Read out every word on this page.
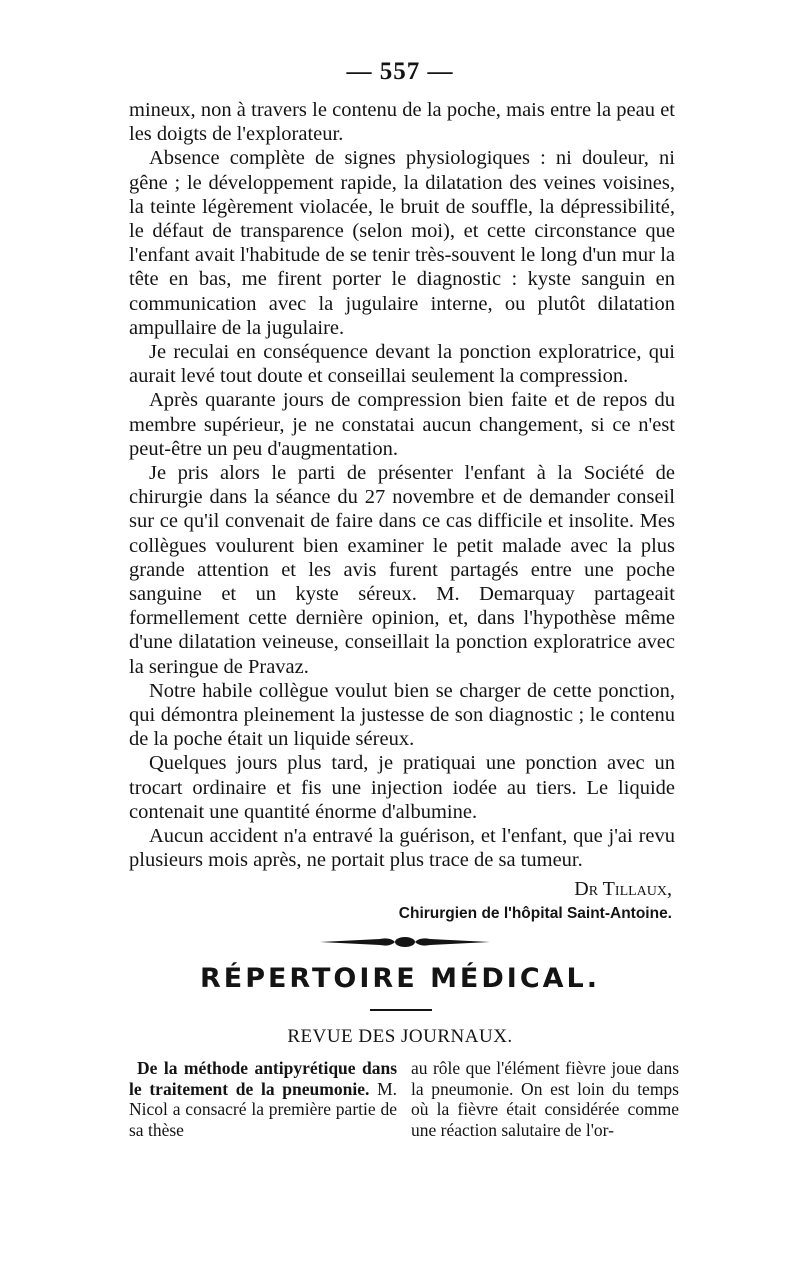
— 557 —

mineux, non à travers le contenu de la poche, mais entre la peau et les doigts de l'explorateur.

Absence complète de signes physiologiques : ni douleur, ni gêne ; le développement rapide, la dilatation des veines voisines, la teinte légèrement violacée, le bruit de souffle, la dépressibilité, le défaut de transparence (selon moi), et cette circonstance que l'enfant avait l'habitude de se tenir très-souvent le long d'un mur la tête en bas, me firent porter le diagnostic : kyste sanguin en communication avec la jugulaire interne, ou plutôt dilatation ampullaire de la jugulaire.

Je reculai en conséquence devant la ponction exploratrice, qui aurait levé tout doute et conseillai seulement la compression.

Après quarante jours de compression bien faite et de repos du membre supérieur, je ne constatai aucun changement, si ce n'est peut-être un peu d'augmentation.

Je pris alors le parti de présenter l'enfant à la Société de chirurgie dans la séance du 27 novembre et de demander conseil sur ce qu'il convenait de faire dans ce cas difficile et insolite. Mes collègues voulurent bien examiner le petit malade avec la plus grande attention et les avis furent partagés entre une poche sanguine et un kyste séreux. M. Demarquay partageait formellement cette dernière opinion, et, dans l'hypothèse même d'une dilatation veineuse, conseillait la ponction exploratrice avec la seringue de Pravaz.

Notre habile collègue voulut bien se charger de cette ponction, qui démontra pleinement la justesse de son diagnostic ; le contenu de la poche était un liquide séreux.

Quelques jours plus tard, je pratiquai une ponction avec un trocart ordinaire et fis une injection iodée au tiers. Le liquide contenait une quantité énorme d'albumine.

Aucun accident n'a entravé la guérison, et l'enfant, que j'ai revu plusieurs mois après, ne portait plus trace de sa tumeur.

Dr Tillaux,
Chirurgien de l'hôpital Saint-Antoine.
RÉPERTOIRE MÉDICAL.
REVUE DES JOURNAUX.

De la méthode antipyrétique dans le traitement de la pneumonie. M. Nicol a consacré la première partie de sa thèse

au rôle que l'élément fièvre joue dans la pneumonie. On est loin du temps où la fièvre était considérée comme une réaction salutaire de l'or-
